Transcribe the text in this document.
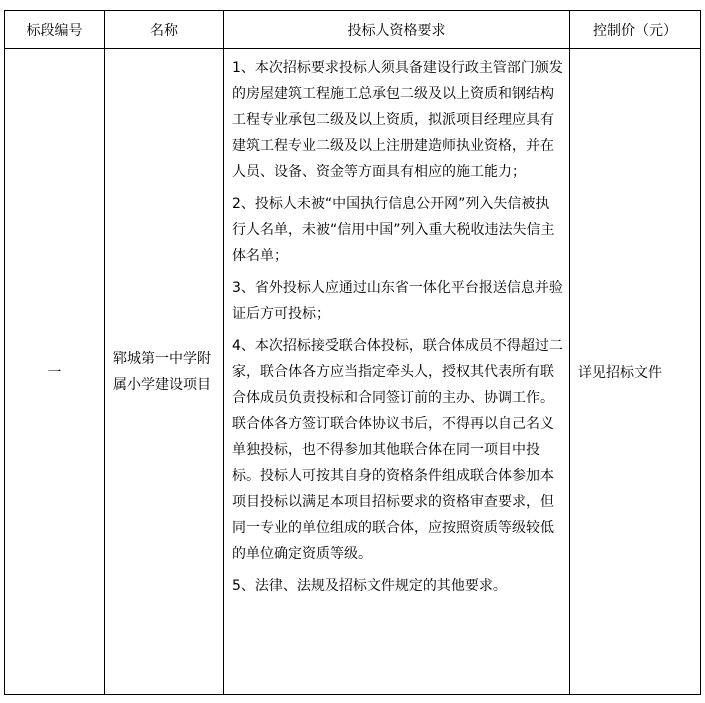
标段编号	名称	投标人资格要求	控制价（元）
一	郓城第一中学附属小学建设项目	1、本次招标要求投标人须具备建设行政主管部门颁发的房屋建筑工程施工总承包二级及以上资质和钢结构工程专业承包二级及以上资质，拟派项目经理应具有建筑工程专业二级及以上注册建造师执业资格，并在人员、设备、资金等方面具有相应的施工能力；

2、投标人未被“中国执行信息公开网”列入失信被执行人名单，未被“信用中国”列入重大税收违法失信主体名单；

3、省外投标人应通过山东省一体化平台报送信息并验证后方可投标；

4、本次招标接受联合体投标，联合体成员不得超过二家，联合体各方应当指定牵头人，授权其代表所有联合体成员负责投标和合同签订前的主办、协调工作。联合体各方签订联合体协议书后，不得再以自己名义单独投标，也不得参加其他联合体在同一项目中投标。投标人可按其自身的资格条件组成联合体参加本项目投标以满足本项目招标要求的资格审查要求，但同一专业的单位组成的联合体，应按照资质等级较低的单位确定资质等级。

5、法律、法规及招标文件规定的其他要求。	详见招标文件
